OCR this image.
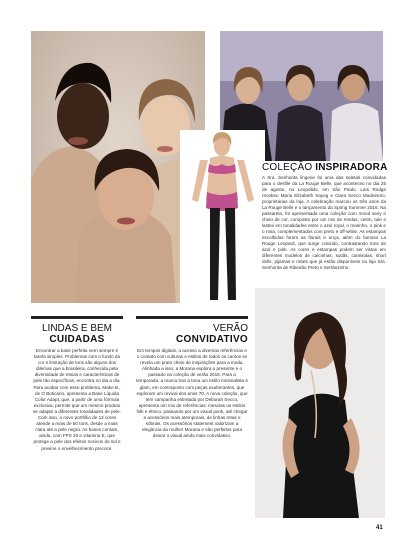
COLEÇÃO INSPIRADORA

A Sra. Senhorita lingerie foi uma das seletas convidadas para o desfile da La Rouge Belle, que aconteceu no dia 25 de agosto, no Leopolldo, em São Paulo. Laís Rodge recebeu Maria Elizabeth Sayeg e Clara Secco Madeireiro, proprietárias da loja. A celebração marcou os três anos da La Rouge Belle e o lançamento da Spring Summer 2016. Na passarela, foi apresentada uma coleção com mood sexy e cheio de cor, composto por um mix de rendas, cetim, tule e lastex em tonalidades entre o azul royal, o marinho, o pink e o rosa, complementados com preto e off-white. As estampas escolhidas foram as florais e onça, além do famoso La Rouge Leopard, que surge colorido, contrastando tons de azul e pink. As cores e estampas podem ser vistas em diferentes modelos de calcinhas, sutiãs, camisolas, short dolls, pijamas e robes que já estão disponíveis na loja Sra. Senhorita de Ribeirão Preto e Sertãozinho.

LINDAS E BEM
CUIDADAS

Encontrar a base perfeita nem sempre é tarefa simples. Problemas com o fundo da cor e limitação de tons são alguns dos dilemas que a brasileira, conhecida pela diversidade de etnias e características de pele tão específicas, encontra no dia a dia. Para acabar com esse problema, Make B., de O Boticário, apresenta a Base Líquida Color Adapt, que, a partir de uma fórmula exclusiva, permite que um mesmo produto se adapte a diferentes tonalidades de pele. Com isso, o novo portfólio de 12 cores atende a mais de 50 tons, desde a mais clara até a pele negra. As bases contam, ainda, com FPS 20 e vitamina E, que protege a pele dos efeitos nocivos do sol e previne o envelhecimento precoce.

VERÃO
CONVIDATIVO

Em tempos digitais, o acesso a diversas referências e o contato com culturas e estilos de todos os cantos se revela um prato cheio de inspirações para a moda. Alinhada a isso, a Morana explora o presente e o passado na coleção de verão 2016. Para a temporada, a marca traz à tona um estilo minimalista e glam, em contraponto com peças exuberantes, que exploram um revival dos anos 70. A nova coleção, que tem campanha estrelada por Deborah Secco, apresenta um mix de referências: mesclas os estilos folk e étnico, passando por um visual punk, até chegar a acessórios mais atemporais, de linhas retas e sóbrias. Os acessórios statement valorizam a elegância da mulher Morana e são perfeitos para deixar o visual ainda mais convidativo.

41
